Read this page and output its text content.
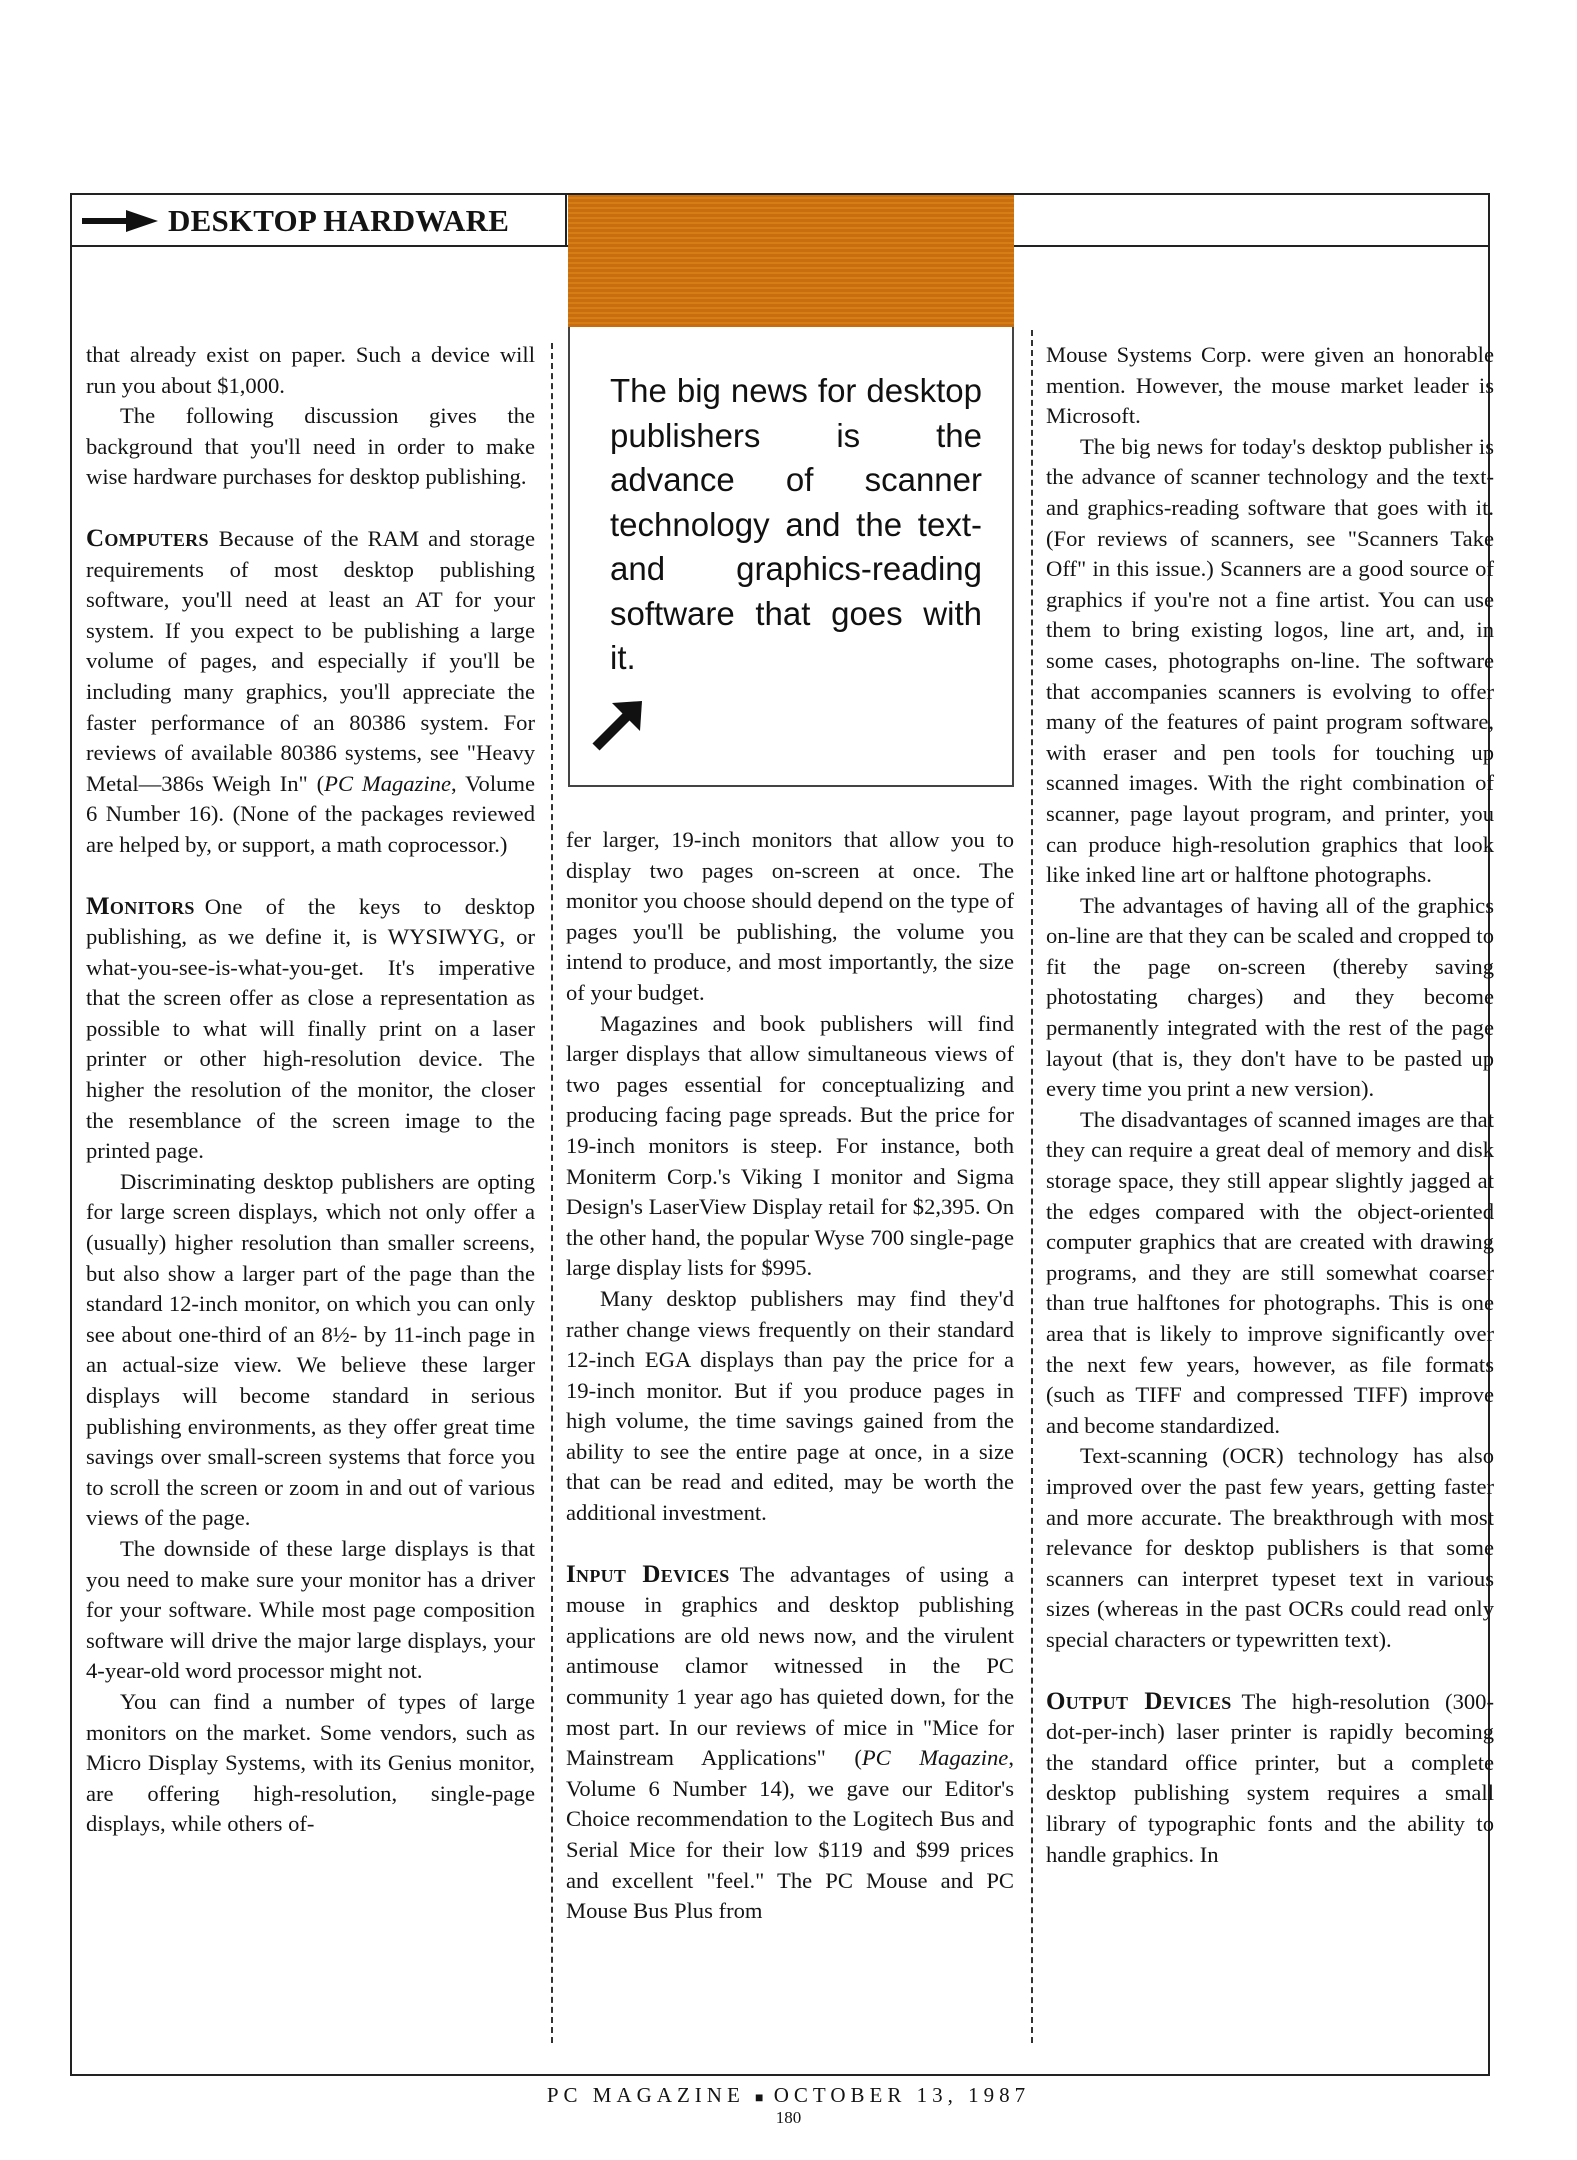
DESKTOP HARDWARE

The big news for desktop publishers is the advance of scanner technology and the text- and graphics-reading software that goes with it.

that already exist on paper. Such a device will run you about $1,000.

The following discussion gives the background that you'll need in order to make wise hardware purchases for desktop publishing.

Computers Because of the RAM and storage requirements of most desktop publishing software, you'll need at least an AT for your system. If you expect to be publishing a large volume of pages, and especially if you'll be including many graphics, you'll appreciate the faster performance of an 80386 system. For reviews of available 80386 systems, see "Heavy Metal—386s Weigh In" (PC Magazine, Volume 6 Number 16). (None of the packages reviewed are helped by, or support, a math coprocessor.)

Monitors One of the keys to desktop publishing, as we define it, is WYSIWYG, or what-you-see-is-what-you-get. It's imperative that the screen offer as close a representation as possible to what will finally print on a laser printer or other high-resolution device. The higher the resolution of the monitor, the closer the resemblance of the screen image to the printed page.

Discriminating desktop publishers are opting for large screen displays, which not only offer a (usually) higher resolution than smaller screens, but also show a larger part of the page than the standard 12-inch monitor, on which you can only see about one-third of an 8½- by 11-inch page in an actual-size view. We believe these larger displays will become standard in serious publishing environments, as they offer great time savings over small-screen systems that force you to scroll the screen or zoom in and out of various views of the page.

The downside of these large displays is that you need to make sure your monitor has a driver for your software. While most page composition software will drive the major large displays, your 4-year-old word processor might not.

You can find a number of types of large monitors on the market. Some vendors, such as Micro Display Systems, with its Genius monitor, are offering high-resolution, single-page displays, while others of-

fer larger, 19-inch monitors that allow you to display two pages on-screen at once. The monitor you choose should depend on the type of pages you'll be publishing, the volume you intend to produce, and most importantly, the size of your budget.

Magazines and book publishers will find larger displays that allow simultaneous views of two pages essential for conceptualizing and producing facing page spreads. But the price for 19-inch monitors is steep. For instance, both Moniterm Corp.'s Viking I monitor and Sigma Design's LaserView Display retail for $2,395. On the other hand, the popular Wyse 700 single-page large display lists for $995.

Many desktop publishers may find they'd rather change views frequently on their standard 12-inch EGA displays than pay the price for a 19-inch monitor. But if you produce pages in high volume, the time savings gained from the ability to see the entire page at once, in a size that can be read and edited, may be worth the additional investment.

Input Devices The advantages of using a mouse in graphics and desktop publishing applications are old news now, and the virulent antimouse clamor witnessed in the PC community 1 year ago has quieted down, for the most part. In our reviews of mice in "Mice for Mainstream Applications" (PC Magazine, Volume 6 Number 14), we gave our Editor's Choice recommendation to the Logitech Bus and Serial Mice for their low $119 and $99 prices and excellent "feel." The PC Mouse and PC Mouse Bus Plus from

Mouse Systems Corp. were given an honorable mention. However, the mouse market leader is Microsoft.

The big news for today's desktop publisher is the advance of scanner technology and the text- and graphics-reading software that goes with it. (For reviews of scanners, see "Scanners Take Off" in this issue.) Scanners are a good source of graphics if you're not a fine artist. You can use them to bring existing logos, line art, and, in some cases, photographs on-line. The software that accompanies scanners is evolving to offer many of the features of paint program software, with eraser and pen tools for touching up scanned images. With the right combination of scanner, page layout program, and printer, you can produce high-resolution graphics that look like inked line art or halftone photographs.

The advantages of having all of the graphics on-line are that they can be scaled and cropped to fit the page on-screen (thereby saving photostating charges) and they become permanently integrated with the rest of the page layout (that is, they don't have to be pasted up every time you print a new version).

The disadvantages of scanned images are that they can require a great deal of memory and disk storage space, they still appear slightly jagged at the edges compared with the object-oriented computer graphics that are created with drawing programs, and they are still somewhat coarser than true halftones for photographs. This is one area that is likely to improve significantly over the next few years, however, as file formats (such as TIFF and compressed TIFF) improve and become standardized.

Text-scanning (OCR) technology has also improved over the past few years, getting faster and more accurate. The breakthrough with most relevance for desktop publishers is that some scanners can interpret typeset text in various sizes (whereas in the past OCRs could read only special characters or typewritten text).

Output Devices The high-resolution (300-dot-per-inch) laser printer is rapidly becoming the standard office printer, but a complete desktop publishing system requires a small library of typographic fonts and the ability to handle graphics. In

PC MAGAZINE ■ OCTOBER 13, 1987
180
